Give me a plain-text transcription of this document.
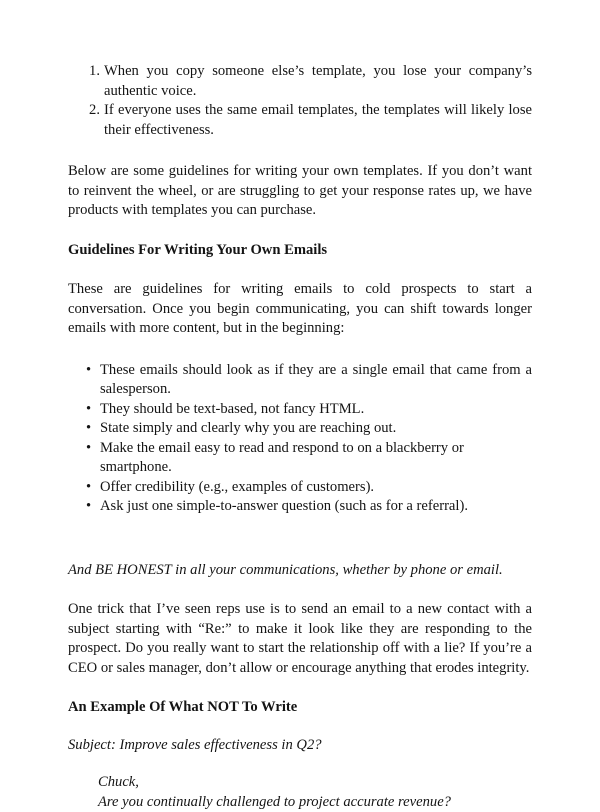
When you copy someone else’s template, you lose your company’s authentic voice.
If everyone uses the same email templates, the templates will likely lose their effectiveness.

Below are some guidelines for writing your own templates. If you don’t want to reinvent the wheel, or are struggling to get your response rates up, we have products with templates you can purchase.

Guidelines For Writing Your Own Emails

These are guidelines for writing emails to cold prospects to start a conversation. Once you begin communicating, you can shift towards longer emails with more content, but in the beginning:

• These emails should look as if they are a single email that came from a salesperson.
• They should be text-based, not fancy HTML.
• State simply and clearly why you are reaching out.
• Make the email easy to read and respond to on a blackberry or smartphone.
• Offer credibility (e.g., examples of customers).
• Ask just one simple-to-answer question (such as for a referral).

And BE HONEST in all your communications, whether by phone or email.

One trick that I’ve seen reps use is to send an email to a new contact with a subject starting with “Re:” to make it look like they are responding to the prospect. Do you really want to start the relationship off with a lie? If you’re a CEO or sales manager, don’t allow or encourage anything that erodes integrity.

An Example Of What NOT To Write

Subject: Improve sales effectiveness in Q2?

Chuck,

Are you continually challenged to project accurate revenue?
